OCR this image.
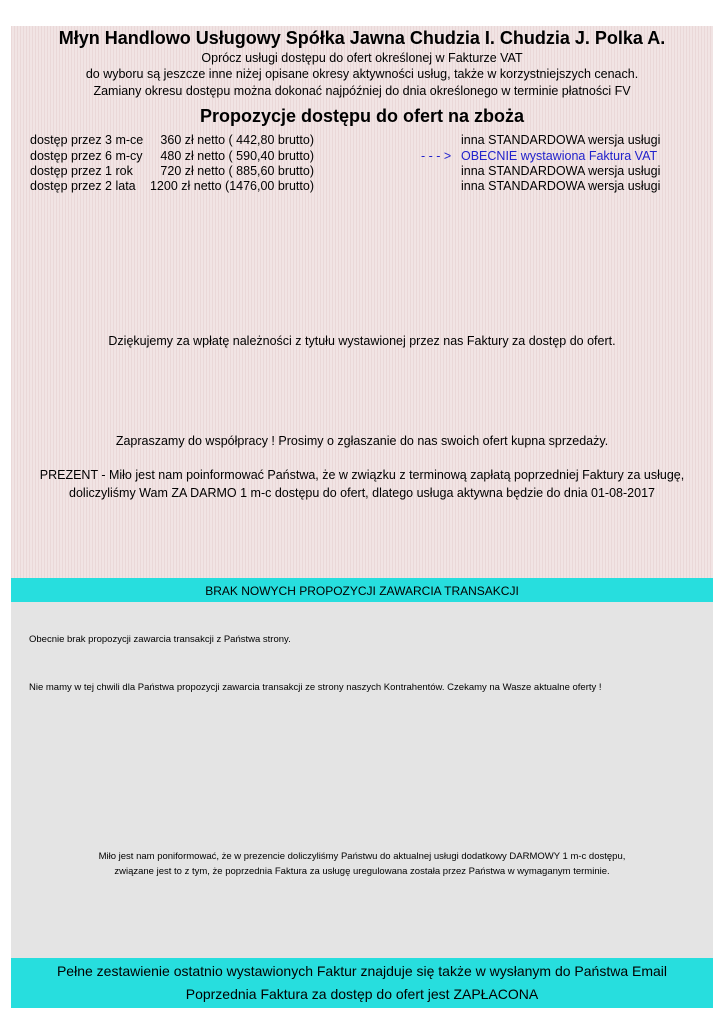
Młyn Handlowo Usługowy Spółka Jawna Chudzia I. Chudzia J. Polka A.
Oprócz usługi dostępu do ofert określonej w Fakturze VAT
do wyboru są jeszcze inne niżej opisane okresy aktywności usług, także w korzystniejszych cenach.
Zamiany okresu dostępu można dokonać najpóźniej do dnia określonego w terminie płatności FV
Propozycje dostępu do ofert na zboża
dostęp przez 3 m-ce 360 zł netto ( 442,80 brutto)	inna STANDARDOWA wersja usługi
dostęp przez 6 m-cy 480 zł netto ( 590,40 brutto)	- - - > OBECNIE wystawiona Faktura VAT
dostęp przez 1 rok 720 zł netto ( 885,60 brutto)	inna STANDARDOWA wersja usługi
dostęp przez 2 lata 1200 zł netto (1476,00 brutto)	inna STANDARDOWA wersja usługi
Dziękujemy za wpłatę należności z tytułu wystawionej przez nas Faktury za dostęp do ofert.
Zapraszamy do współpracy ! Prosimy o zgłaszanie do nas swoich ofert kupna sprzedaży.
PREZENT - Miło jest nam poinformować Państwa, że w związku z terminową zapłatą poprzedniej Faktury za usługę,
doliczyliśmy Wam ZA DARMO 1 m-c dostępu do ofert, dlatego usługa aktywna będzie do dnia 01-08-2017
BRAK NOWYCH PROPOZYCJI ZAWARCIA TRANSAKCJI
Obecnie brak propozycji zawarcia transakcji z Państwa strony.
Nie mamy w tej chwili dla Państwa propozycji zawarcia transakcji ze strony naszych Kontrahentów. Czekamy na Wasze aktualne oferty !
Miło jest nam poniformować, że w prezencie doliczyliśmy Państwu do aktualnej usługi dodatkowy DARMOWY 1 m-c dostępu,
związane jest to z tym, że poprzednia Faktura za usługę uregulowana została przez Państwa w wymaganym terminie.
Pełne zestawienie ostatnio wystawionych Faktur znajduje się także w wysłanym do Państwa Email
Poprzednia Faktura za dostęp do ofert jest ZAPŁACONA
